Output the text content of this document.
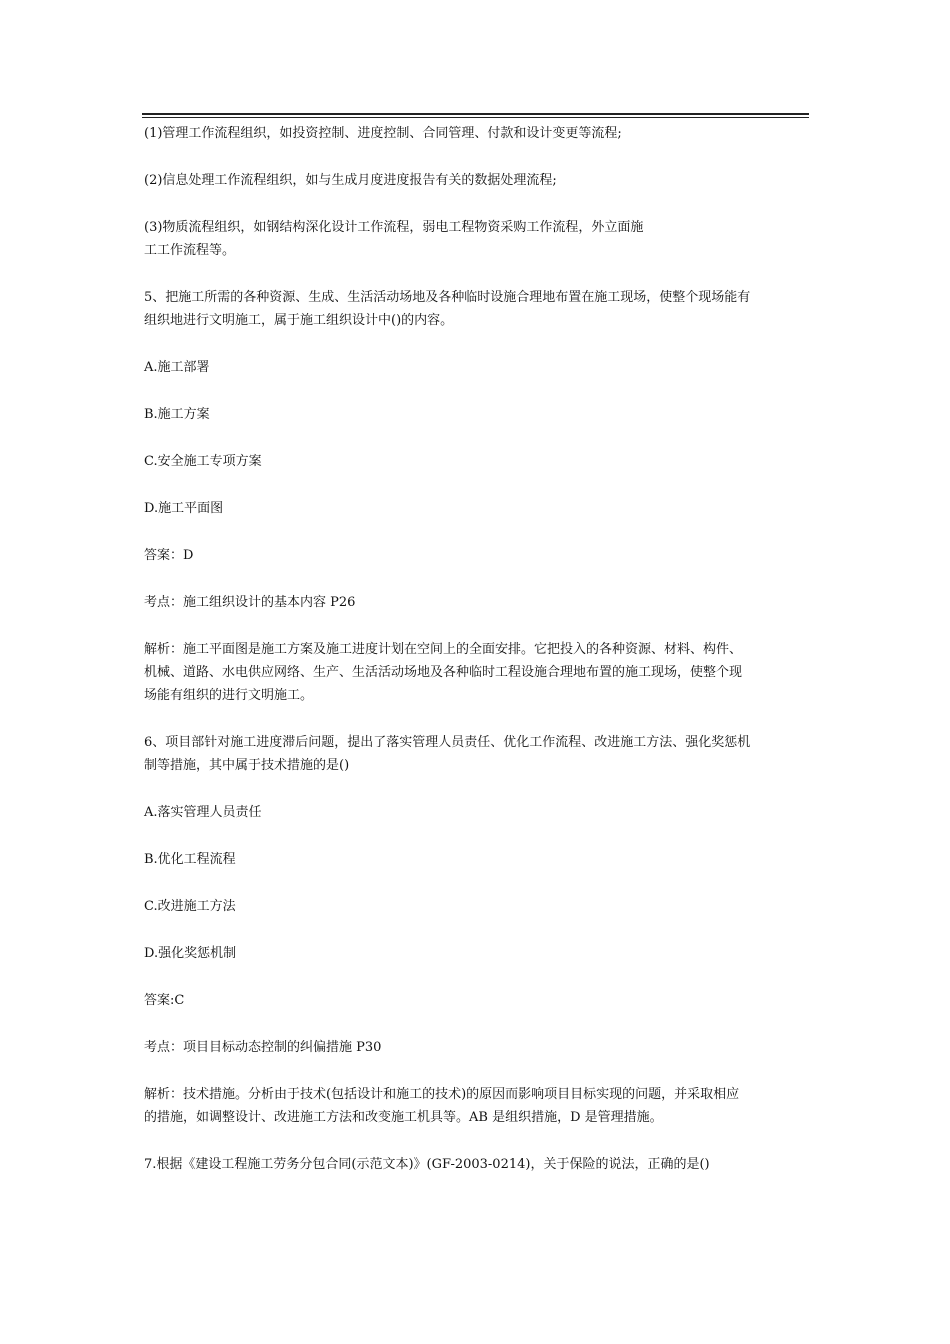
(1)管理工作流程组织，如投资控制、进度控制、合同管理、付款和设计变更等流程;

(2)信息处理工作流程组织，如与生成月度进度报告有关的数据处理流程;

(3)物质流程组织，如钢结构深化设计工作流程，弱电工程物资采购工作流程，外立面施

工工作流程等。

5、把施工所需的各种资源、生成、生活活动场地及各种临时设施合理地布置在施工现场，使整个现场能有

组织地进行文明施工，属于施工组织设计中()的内容。

A.施工部署

B.施工方案

C.安全施工专项方案

D.施工平面图

答案：D

考点：施工组织设计的基本内容 P26

解析：施工平面图是施工方案及施工进度计划在空间上的全面安排。它把投入的各种资源、材料、构件、

机械、道路、水电供应网络、生产、生活活动场地及各种临时工程设施合理地布置的施工现场，使整个现

场能有组织的进行文明施工。

6、项目部针对施工进度滞后问题，提出了落实管理人员责任、优化工作流程、改进施工方法、强化奖惩机

制等措施，其中属于技术措施的是()

A.落实管理人员责任

B.优化工程流程

C.改进施工方法

D.强化奖惩机制

答案:C

考点：项目目标动态控制的纠偏措施 P30

解析：技术措施。分析由于技术(包括设计和施工的技术)的原因而影响项目目标实现的问题，并采取相应

的措施，如调整设计、改进施工方法和改变施工机具等。AB 是组织措施，D 是管理措施。

7.根据《建设工程施工劳务分包合同(示范文本)》(GF-2003-0214)，关于保险的说法，正确的是()
